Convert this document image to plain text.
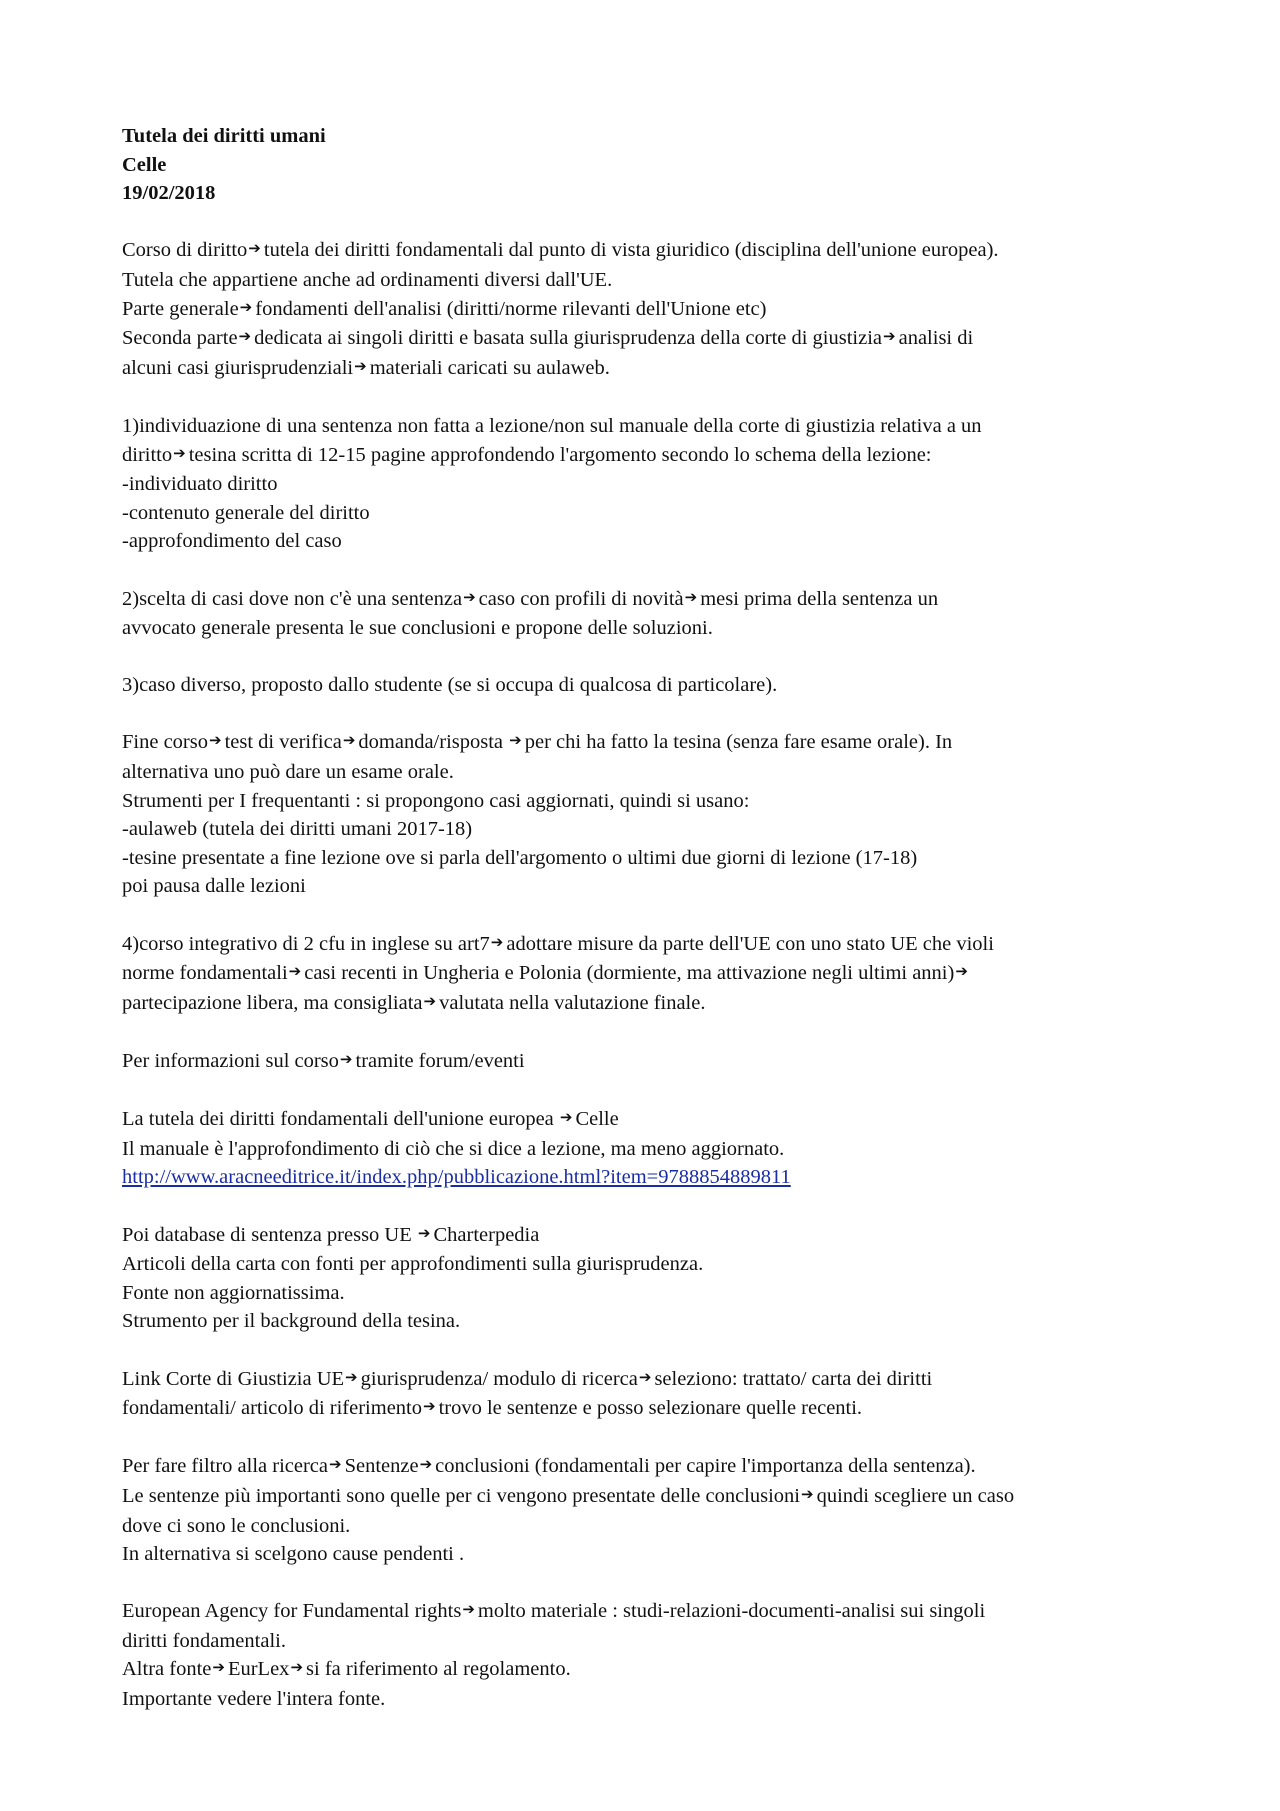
Tutela dei diritti umani
Celle
19/02/2018
Corso di diritto➔ tutela dei diritti fondamentali dal punto di vista giuridico (disciplina dell'unione europea).
Tutela che appartiene anche ad ordinamenti diversi dall'UE.
Parte generale➔ fondamenti dell'analisi (diritti/norme rilevanti dell'Unione etc)
Seconda parte➔ dedicata ai singoli diritti e basata sulla giurisprudenza della corte di giustizia➔ analisi di
alcuni casi giurisprudenziali➔ materiali caricati su aulaweb.
1)individuazione di una sentenza non fatta a lezione/non sul manuale della corte di giustizia relativa a un
diritto➔ tesina scritta di 12-15 pagine approfondendo l'argomento secondo lo schema della lezione:
-individuato diritto
-contenuto generale del diritto
-approfondimento del caso
2)scelta di casi dove non c'è una sentenza➔ caso con profili di novità➔ mesi prima della sentenza un
avvocato generale presenta le sue conclusioni e propone delle soluzioni.
3)caso diverso, proposto dallo studente (se si occupa di qualcosa di particolare).
Fine corso➔ test di verifica➔ domanda/risposta ➔ per chi ha fatto la tesina (senza fare esame orale). In
alternativa uno può dare un esame orale.
Strumenti per I frequentanti : si propongono casi aggiornati, quindi si usano:
-aulaweb (tutela dei diritti umani 2017-18)
-tesine presentate a fine lezione ove si parla dell'argomento o ultimi due giorni di lezione (17-18)
poi pausa dalle lezioni
4)corso integrativo di 2 cfu in inglese su art7➔ adottare misure da parte dell'UE con uno stato UE che violi
norme fondamentali➔ casi recenti in Ungheria e Polonia (dormiente, ma attivazione negli ultimi anni)➔
partecipazione libera, ma consigliata➔ valutata nella valutazione finale.
Per informazioni sul corso➔ tramite forum/eventi
La tutela dei diritti fondamentali dell'unione europea ➔ Celle
Il manuale è l'approfondimento di ciò che si dice a lezione, ma meno aggiornato.
http://www.aracneeditrice.it/index.php/pubblicazione.html?item=9788854889811
Poi database di sentenza presso UE ➔ Charterpedia
Articoli della carta con fonti per approfondimenti sulla giurisprudenza.
Fonte non aggiornatissima.
Strumento per il background della tesina.
Link Corte di Giustizia UE➔ giurisprudenza/ modulo di ricerca➔ seleziono: trattato/ carta dei diritti
fondamentali/ articolo di riferimento➔ trovo le sentenze e posso selezionare quelle recenti.
Per fare filtro alla ricerca➔ Sentenze➔ conclusioni (fondamentali per capire l'importanza della sentenza).
Le sentenze più importanti sono quelle per ci vengono presentate delle conclusioni➔ quindi scegliere un caso
dove ci sono le conclusioni.
In alternativa si scelgono cause pendenti .
European Agency for Fundamental rights➔ molto materiale : studi-relazioni-documenti-analisi sui singoli
diritti fondamentali.
Altra fonte➔ EurLex➔ si fa riferimento al regolamento.
Importante vedere l'intera fonte.
